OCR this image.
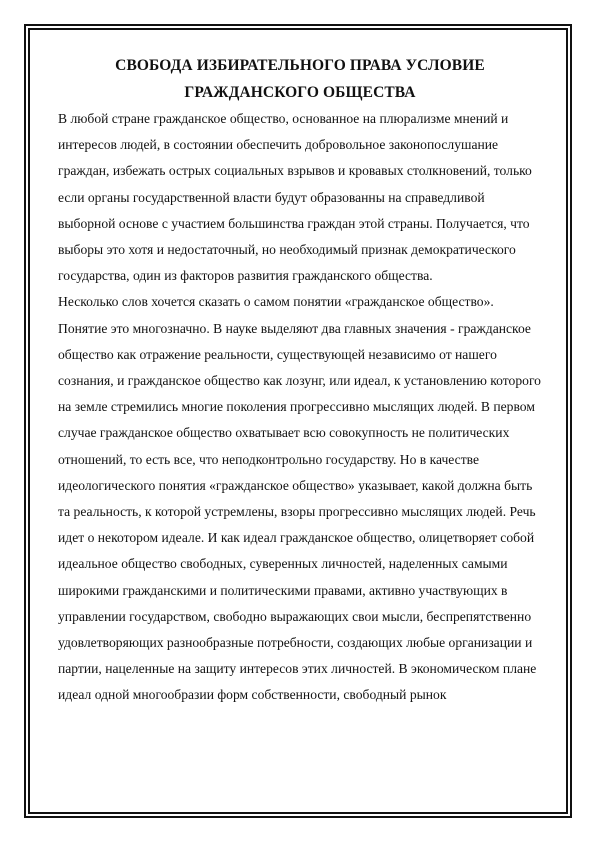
СВОБОДА ИЗБИРАТЕЛЬНОГО ПРАВА УСЛОВИЕ
ГРАЖДАНСКОГО ОБЩЕСТВА

В любой стране гражданское общество, основанное на плюрализме мнений и интересов людей, в состоянии обеспечить добровольное законопослушание граждан, избежать острых социальных взрывов и кровавых столкновений, только если органы государственной власти будут образованны на справедливой выборной основе с участием большинства граждан этой страны. Получается, что выборы это хотя и недостаточный, но необходимый признак демократического государства, один из факторов развития гражданского общества.

Несколько слов хочется сказать о самом понятии «гражданское общество». Понятие это многозначно. В науке выделяют два главных значения - гражданское общество как отражение реальности, существующей независимо от нашего сознания, и гражданское общество как лозунг, или идеал, к установлению которого на земле стремились многие поколения прогрессивно мыслящих людей. В первом случае гражданское общество охватывает всю совокупность не политических отношений, то есть все, что неподконтрольно государству. Но в качестве идеологического понятия «гражданское общество» указывает, какой должна быть та реальность, к которой устремлены, взоры прогрессивно мыслящих людей. Речь идет о некотором идеале. И как идеал гражданское общество, олицетворяет собой идеальное общество свободных, суверенных личностей, наделенных самыми широкими гражданскими и политическими правами, активно участвующих в управлении государством, свободно выражающих свои мысли, беспрепятственно удовлетворяющих разнообразные потребности, создающих любые организации и партии, нацеленные на защиту интересов этих личностей. В экономическом плане идеал одной многообразии форм собственности, свободный рынок
